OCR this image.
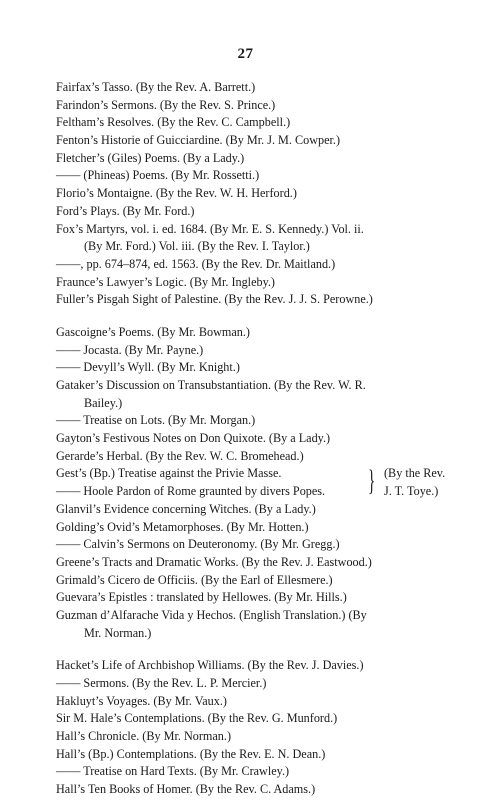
27
Fairfax’s Tasso. (By the Rev. A. Barrett.)
Farindon’s Sermons. (By the Rev. S. Prince.)
Feltham’s Resolves. (By the Rev. C. Campbell.)
Fenton’s Historie of Guicciardine. (By Mr. J. M. Cowper.)
Fletcher’s (Giles) Poems. (By a Lady.)
—— (Phineas) Poems. (By Mr. Rossetti.)
Florio’s Montaigne. (By the Rev. W. H. Herford.)
Ford’s Plays. (By Mr. Ford.)
Fox’s Martyrs, vol. i. ed. 1684. (By Mr. E. S. Kennedy.) Vol. ii.
(By Mr. Ford.) Vol. iii. (By the Rev. I. Taylor.)
——, pp. 674–874, ed. 1563. (By the Rev. Dr. Maitland.)
Fraunce’s Lawyer’s Logic. (By Mr. Ingleby.)
Fuller’s Pisgah Sight of Palestine. (By the Rev. J. J. S. Perowne.)
Gascoigne’s Poems. (By Mr. Bowman.)
—— Jocasta. (By Mr. Payne.)
—— Devyll’s Wyll. (By Mr. Knight.)
Gataker’s Discussion on Transubstantiation. (By the Rev. W. R.
Bailey.)
—— Treatise on Lots. (By Mr. Morgan.)
Gayton’s Festivous Notes on Don Quixote. (By a Lady.)
Gerarde’s Herbal. (By the Rev. W. C. Bromehead.)
Gest’s (Bp.) Treatise against the Privie Masse.
—— Hoole Pardon of Rome graunted by divers Popes.	} (By the Rev.
J. T. Toye.)
Glanvil’s Evidence concerning Witches. (By a Lady.)
Golding’s Ovid’s Metamorphoses. (By Mr. Hotten.)
—— Calvin’s Sermons on Deuteronomy. (By Mr. Gregg.)
Greene’s Tracts and Dramatic Works. (By the Rev. J. Eastwood.)
Grimald’s Cicero de Officiis. (By the Earl of Ellesmere.)
Guevara’s Epistles : translated by Hellowes. (By Mr. Hills.)
Guzman d’Alfarache Vida y Hechos. (English Translation.) (By
Mr. Norman.)
Hacket’s Life of Archbishop Williams. (By the Rev. J. Davies.)
—— Sermons. (By the Rev. L. P. Mercier.)
Hakluyt’s Voyages. (By Mr. Vaux.)
Sir M. Hale’s Contemplations. (By the Rev. G. Munford.)
Hall’s Chronicle. (By Mr. Norman.)
Hall’s (Bp.) Contemplations. (By the Rev. E. N. Dean.)
—— Treatise on Hard Texts. (By Mr. Crawley.)
Hall’s Ten Books of Homer. (By the Rev. C. Adams.)
